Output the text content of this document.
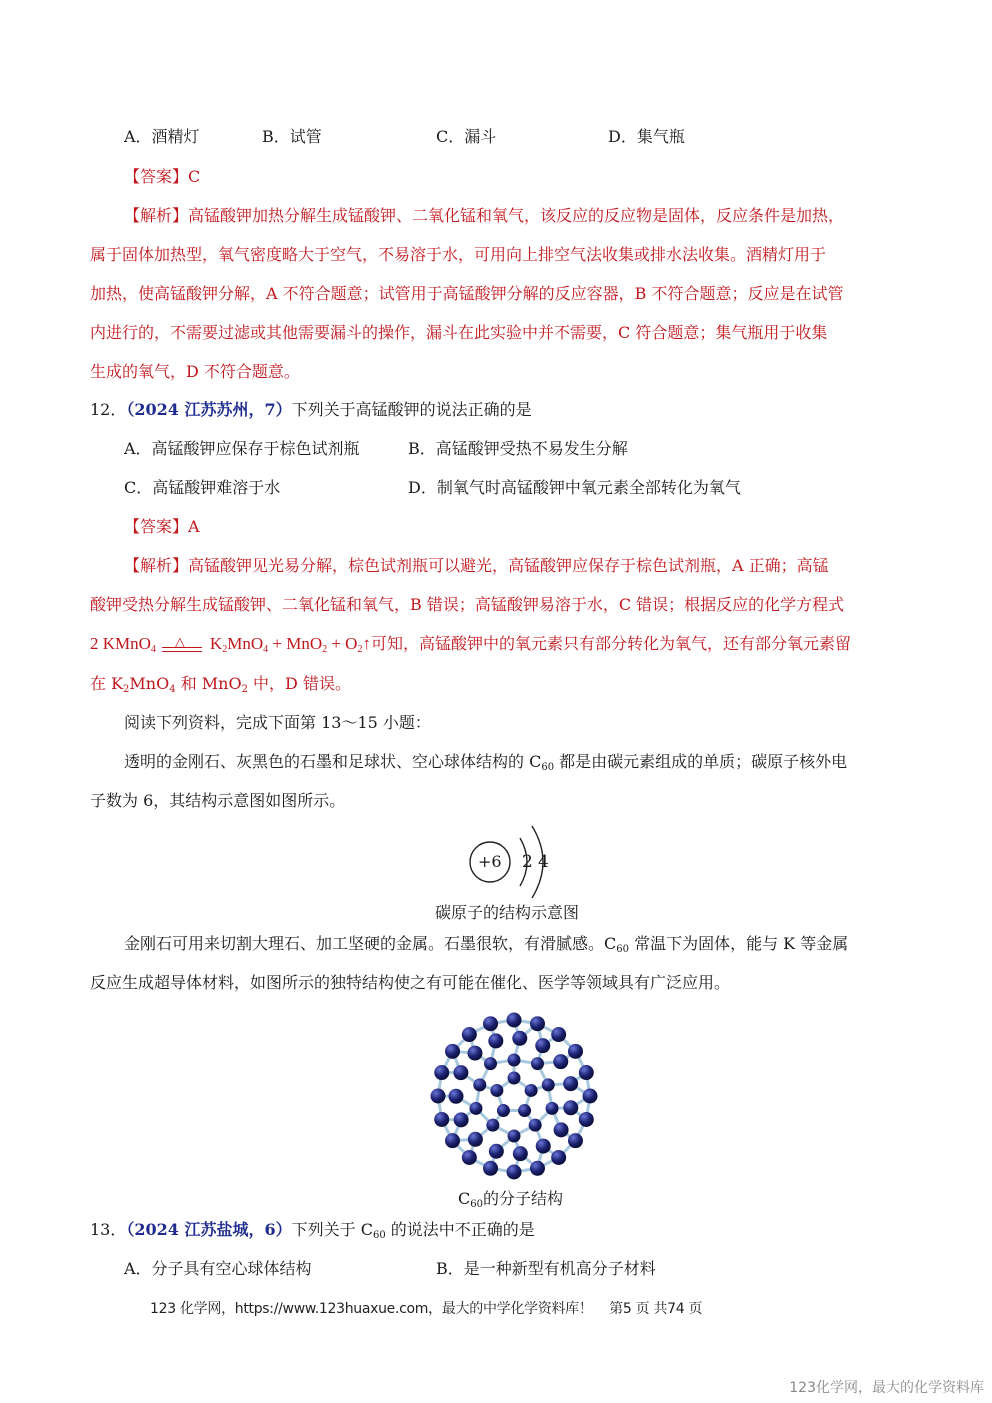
A．酒精灯	B．试管	C．漏斗	D．集气瓶
【答案】C
【解析】高锰酸钾加热分解生成锰酸钾、二氧化锰和氧气，该反应的反应物是固体，反应条件是加热，
属于固体加热型，氧气密度略大于空气，不易溶于水，可用向上排空气法收集或排水法收集。酒精灯用于
加热，使高锰酸钾分解，A 不符合题意；试管用于高锰酸钾分解的反应容器，B 不符合题意；反应是在试管
内进行的，不需要过滤或其他需要漏斗的操作，漏斗在此实验中并不需要，C 符合题意；集气瓶用于收集
生成的氧气，D 不符合题意。
12．（2024 江苏苏州，7）下列关于高锰酸钾的说法正确的是
A．高锰酸钾应保存于棕色试剂瓶	B．高锰酸钾受热不易发生分解
C．高锰酸钾难溶于水	D．制氧气时高锰酸钾中氧元素全部转化为氧气
【答案】A
【解析】高锰酸钾见光易分解，棕色试剂瓶可以避光，高锰酸钾应保存于棕色试剂瓶，A 正确；高锰
酸钾受热分解生成锰酸钾、二氧化锰和氧气，B 错误；高锰酸钾易溶于水，C 错误；根据反应的化学方程式
2 KMnO$_4$
△ $K_2MnO_4 + MnO_2$ + $O_2↑$可知，高锰酸钾中的氧元素只有部分转化为氧气，还有部分氧元素留
在 $K_2MnO_4$ 和 MnO$_2$ 中，D 错误。
阅读下列资料，完成下面第 13～15 小题：
透明的金刚石、灰黑色的石墨和足球状、空心球体结构的 $C_{60}$ 都是由碳元素组成的单质；碳原子核外电
子数为 6，其结构示意图如图所示。
+6 2 4
碳原子的结构示意图
金刚石可用来切割大理石、加工坚硬的金属。石墨很软，有滑腻感。$C_{60}$ 常温下为固体，能与 K 等金属
反应生成超导体材料，如图所示的独特结构使之有可能在催化、医学等领域具有广泛应用。
$C_{60}$的分子结构
13．（2024 江苏盐城，6）下列关于 $C_{60}$ 的说法中不正确的是
A．分子具有空心球体结构	B．是一种新型有机高分子材料
123 化学网，https://www.123huaxue.com，最大的中学化学资料库！ 第5 页 共74 页
123化学网，最大的化学资料库
